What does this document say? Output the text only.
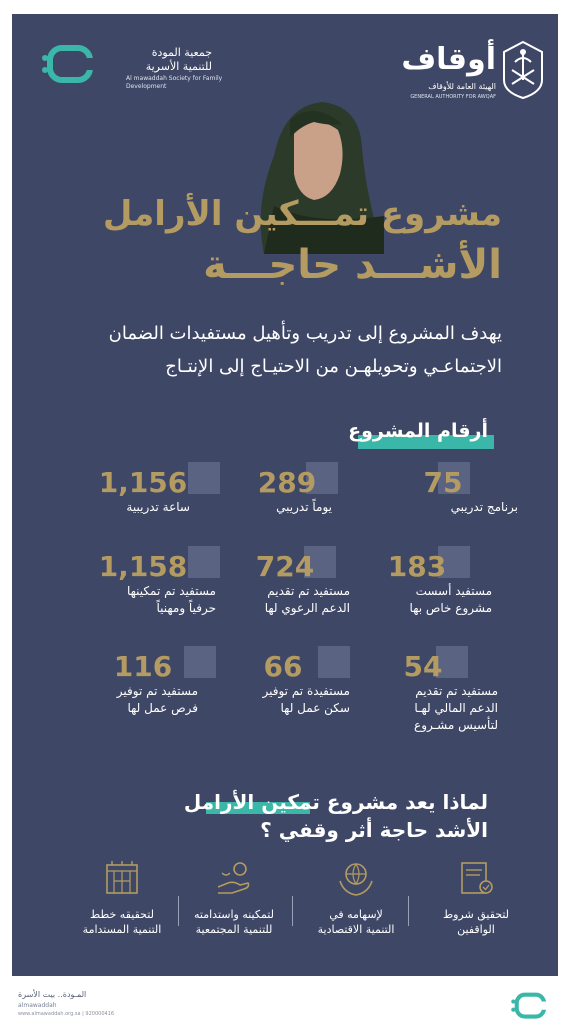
جمعية المودة
للتنمية الأسرية
Al mawaddah Society for Family Development
أوقاف
الهيئة العامة للأوقاف
GENERAL AUTHORITY FOR AWQAF
مشروع تمـــكين الأرامل
الأشـــد حاجـــة
يهدف المشروع إلى تدريب وتأهيل مستفيدات الضمان
الاجتماعـي وتحويلهـن من الاحتيـاج إلى الإنتـاج
أرقام المشروع
75
برنامج تدريبي
289
يوماً تدريبي
1,156
ساعة تدريبية
183
مستفيد أسست
مشروع خاص بها
724
مستفيد تم تقديم
الدعم الرعوي لها
1,158
مستفيد تم تمكينها
حرفياً ومهنياً
54
مستفيد تم تقديم
الدعم المالي لهـا
لتأسيس مشـروع
66
مستفيدة تم توفير
سكن عمل لها
116
مستفيد تم توفير
فرص عمل لها
لماذا يعد مشروع تمكين الأرامل
الأشد حاجة أثر وقفي ؟
لتحقيق شروط
الواقفين
لإسهامه في
التنمية الاقتصادية
لتمكينه واستدامته
للتنمية المجتمعية
لتحقيقه خطط
التنمية المستدامة
المـودة.. بيت الأسرة
almawaddah
www.almawaddah.org.sa | 920000416
